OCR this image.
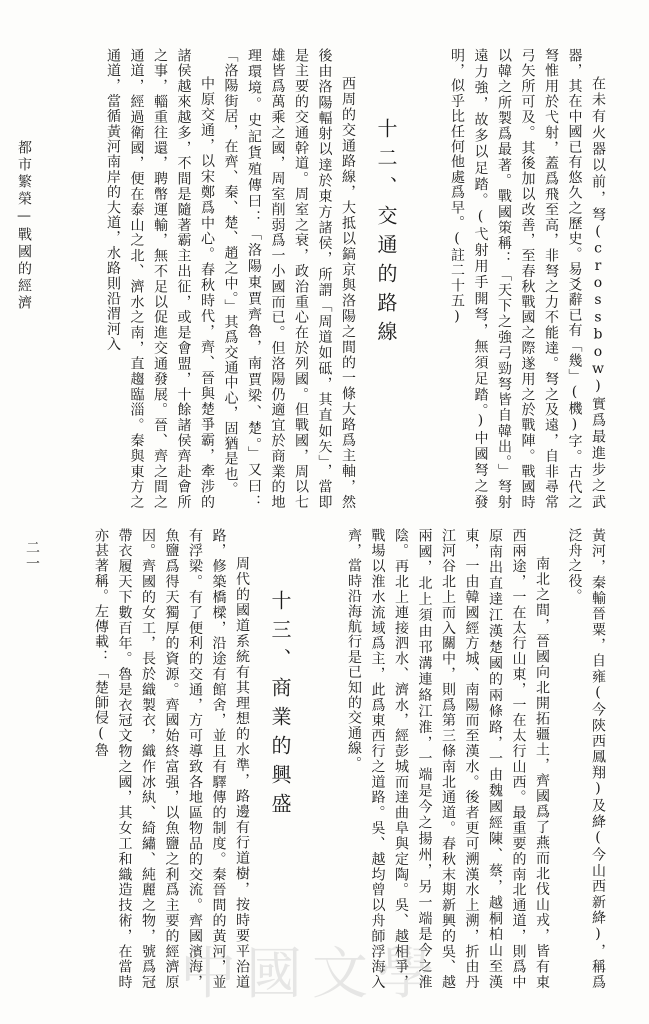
在未有火器以前，弩(crossbow)實爲最進步之武器，其在中國已有悠久之歷史。易爻辭已有「幾」(機)字。古代之弩惟用於弋射，蓋爲飛至高，非弩之力不能達。弩之及遠，自非尋常弓矢所可及。其後加以改善，至春秋戰國之際遂用之於戰陣。戰國時以韓之所製爲最著。戰國策稱：「天下之強弓勁弩皆自韓出。」弩射遠力強，故多以足踏。(弋射用手開弩，無須足踏。)中國弩之發明，似乎比任何他處爲早。(註二十五)

十二、交通的路線

西周的交通路線，大抵以鎬京與洛陽之間的一條大路爲主軸，然後由洛陽輻射以達於東方諸侯，所謂「周道如砥，其直如矢」，當即是主要的交通幹道。周室之衰，政治重心在於列國。但戰國，周以七雄皆爲萬乘之國，周室削弱爲一小國而已。但洛陽仍適宜於商業的地理環境。史記貨殖傳曰：「洛陽東賈齊魯，南賈梁、楚。」又曰：「洛陽街居，在齊、秦、楚、趙之中。」其爲交通中心，固猶是也。

中原交通，以宋鄭爲中心。春秋時代，齊、晉與楚爭霸，牽涉的諸侯越來越多，不間是隨著霸主出征，或是會盟，十餘諸侯齊赴會所之事，輜重往還，聘幣運輸，無不足以促進交通發展。晉、齊之間之通道，經過衛國，便在泰山之北、濟水之南，直趨臨淄。秦與東方之通道，當循黃河南岸的大道，水路則沿渭河入

都市繁榮—戰國的經濟

黃河，秦輸晉粟，自雍(今陝西鳳翔)及絳(今山西新絳)，稱爲泛舟之役。

南北之間，晉國向北開拓疆土，齊國爲了燕而北伐山戎，皆有東西兩途，一在太行山東，一在太行山西。最重要的南北通道，則爲中原南出直達江漢楚國的兩條路，一由魏國經陳、蔡，越桐柏山至漢東，一由韓國經方城、南陽而至漢水。後者更可溯漢水上溯，折由丹江河谷北上而入關中，則爲第三條南北通道。春秋末期新興的吳、越兩國，北上須由邗溝連絡江淮，一端是今之揚州，另一端是今之淮陰。再北上連接泗水、濟水，經彭城而達曲阜與定陶。吳、越相爭，戰場以淮水流域爲主，此爲東西行之道路。吳、越均曾以舟師浮海入齊，當時沿海航行是已知的交通線。

十三、商業的興盛

周代的國道系統有其理想的水準，路邊有行道樹，按時要平治道路，修築橋樑，沿途有館舍，並且有驛傳的制度。秦晉間的黃河，並有浮梁。有了便利的交通，方可導致各地區物品的交流。齊國濱海，魚鹽爲得天獨厚的資源。齊國始終富强，以魚鹽之利爲主要的經濟原因。齊國的女工，長於織製衣，織作冰紈、綺繡、純麗之物，號爲冠帶衣履天下數百年。魯是衣冠文物之國，其女工和織造技術，在當時亦甚著稱。左傳載：「楚師侵(魯

二一
中國文學
